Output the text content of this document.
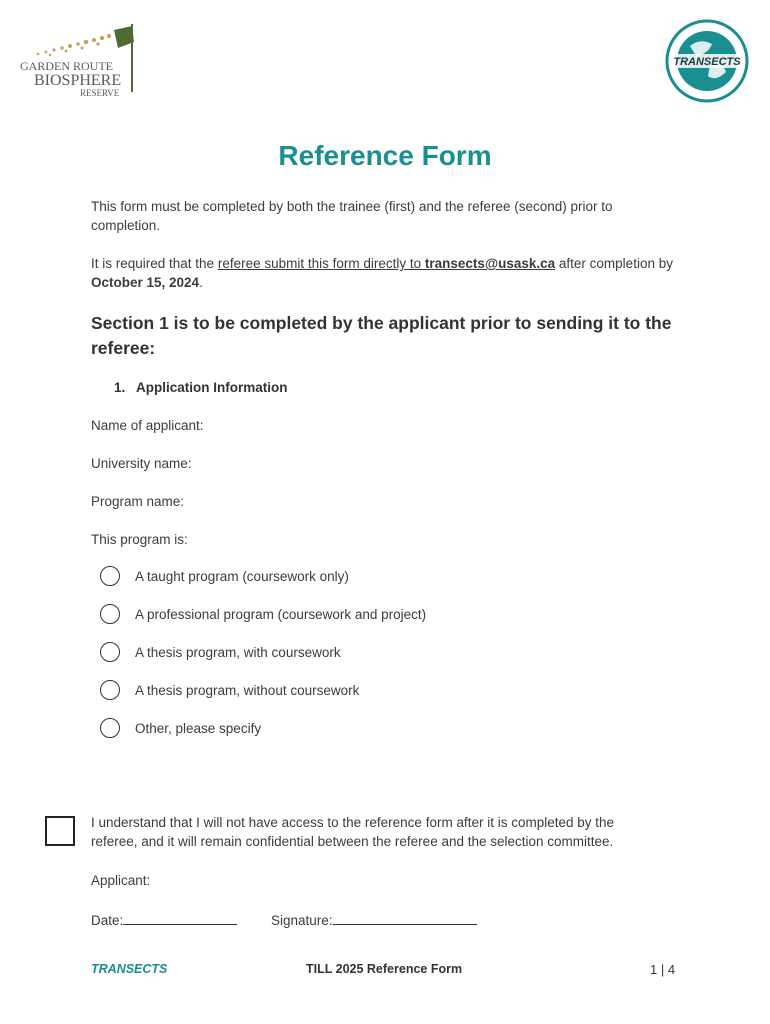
GARDEN ROUTE
BIOSPHERE
RESERVE
TRANSECTS
Reference Form
This form must be completed by both the trainee (first) and the referee (second) prior to completion.
It is required that the referee submit this form directly to transects@usask.ca after completion by October 15, 2024.
Section 1 is to be completed by the applicant prior to sending it to the referee:
1.   Application Information
Name of applicant:
University name:
Program name:
This program is:
A taught program (coursework only)
A professional program (coursework and project)
A thesis program, with coursework
A thesis program, without coursework
Other, please specify
I understand that I will not have access to the reference form after it is completed by the referee, and it will remain confidential between the referee and the selection committee.
Applicant:
Date:	Signature:
TRANSECTS	TILL 2025 Reference Form	1 | 4
